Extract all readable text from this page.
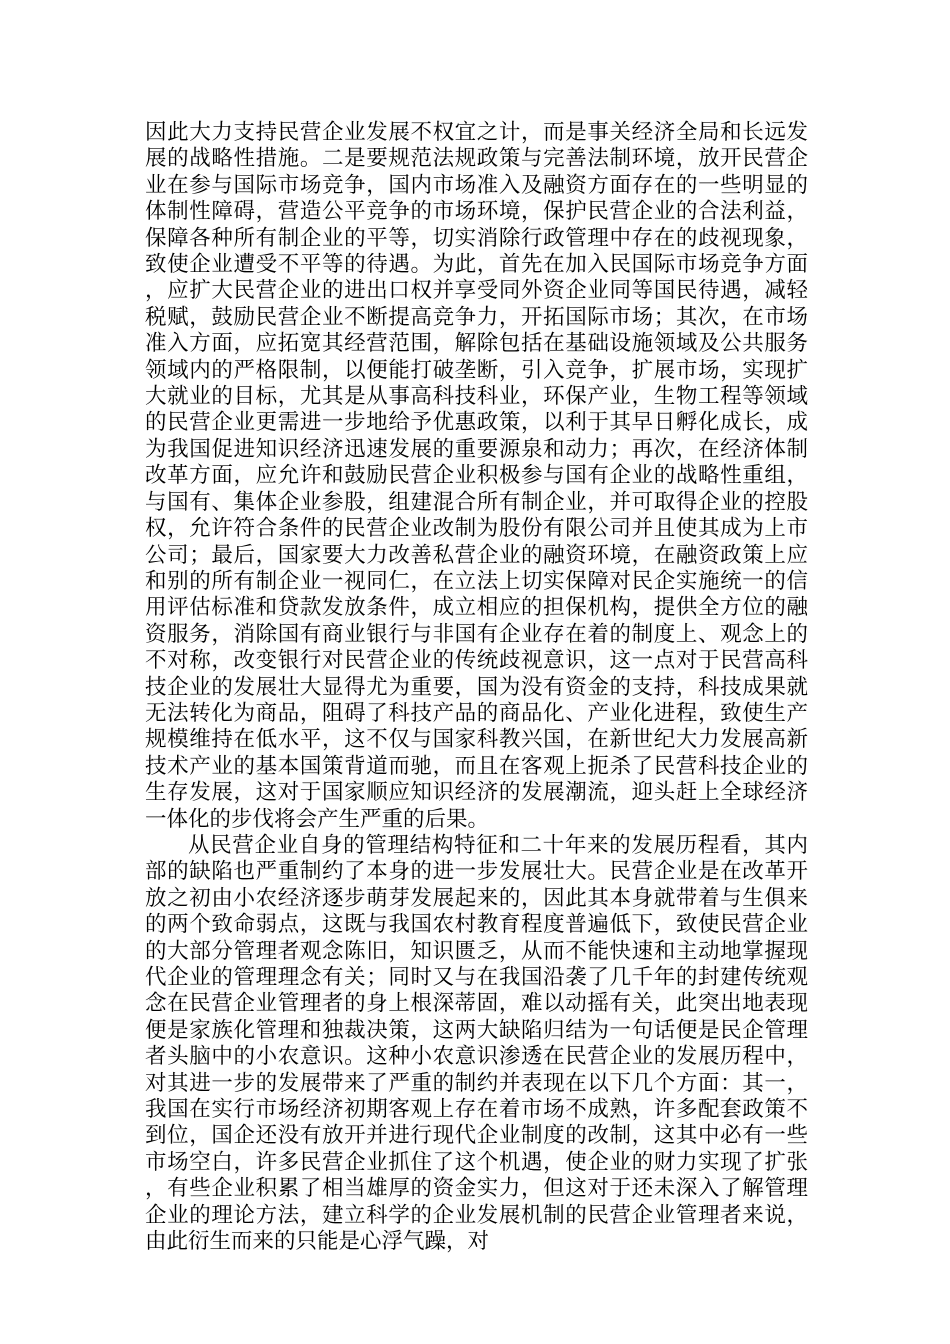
因此大力支持民营企业发展不权宜之计，而是事关经济全局和长远发展的战略性措施。二是要规范法规政策与完善法制环境，放开民营企业在参与国际市场竞争，国内市场准入及融资方面存在的一些明显的体制性障碍，营造公平竞争的市场环境，保护民营企业的合法利益，保障各种所有制企业的平等，切实消除行政管理中存在的歧视现象，致使企业遭受不平等的待遇。为此，首先在加入民国际市场竞争方面，应扩大民营企业的进出口权并享受同外资企业同等国民待遇，减轻税赋，鼓励民营企业不断提高竞争力，开拓国际市场；其次，在市场准入方面，应拓宽其经营范围，解除包括在基础设施领域及公共服务领域内的严格限制，以便能打破垄断，引入竞争，扩展市场，实现扩大就业的目标，尤其是从事高科技科业，环保产业，生物工程等领域的民营企业更需进一步地给予优惠政策，以利于其早日孵化成长，成为我国促进知识经济迅速发展的重要源泉和动力；再次，在经济体制改革方面，应允许和鼓励民营企业积极参与国有企业的战略性重组，与国有、集体企业参股，组建混合所有制企业，并可取得企业的控股权，允许符合条件的民营企业改制为股份有限公司并且使其成为上市公司；最后，国家要大力改善私营企业的融资环境，在融资政策上应和别的所有制企业一视同仁，在立法上切实保障对民企实施统一的信用评估标准和贷款发放条件，成立相应的担保机构，提供全方位的融资服务，消除国有商业银行与非国有企业存在着的制度上、观念上的不对称，改变银行对民营企业的传统歧视意识，这一点对于民营高科技企业的发展壮大显得尤为重要，国为没有资金的支持，科技成果就无法转化为商品，阻碍了科技产品的商品化、产业化进程，致使生产规模维持在低水平，这不仅与国家科教兴国，在新世纪大力发展高新技术产业的基本国策背道而驰，而且在客观上扼杀了民营科技企业的生存发展，这对于国家顺应知识经济的发展潮流，迎头赶上全球经济一体化的步伐将会产生严重的后果。

从民营企业自身的管理结构特征和二十年来的发展历程看，其内部的缺陷也严重制约了本身的进一步发展壮大。民营企业是在改革开放之初由小农经济逐步萌芽发展起来的，因此其本身就带着与生俱来的两个致命弱点，这既与我国农村教育程度普遍低下，致使民营企业的大部分管理者观念陈旧，知识匮乏，从而不能快速和主动地掌握现代企业的管理理念有关；同时又与在我国沿袭了几千年的封建传统观念在民营企业管理者的身上根深蒂固，难以动摇有关，此突出地表现便是家族化管理和独裁决策，这两大缺陷归结为一句话便是民企管理者头脑中的小农意识。这种小农意识渗透在民营企业的发展历程中，对其进一步的发展带来了严重的制约并表现在以下几个方面：其一，我国在实行市场经济初期客观上存在着市场不成熟，许多配套政策不到位，国企还没有放开并进行现代企业制度的改制，这其中必有一些市场空白，许多民营企业抓住了这个机遇，使企业的财力实现了扩张，有些企业积累了相当雄厚的资金实力，但这对于还未深入了解管理企业的理论方法，建立科学的企业发展机制的民营企业管理者来说，由此衍生而来的只能是心浮气躁，对
